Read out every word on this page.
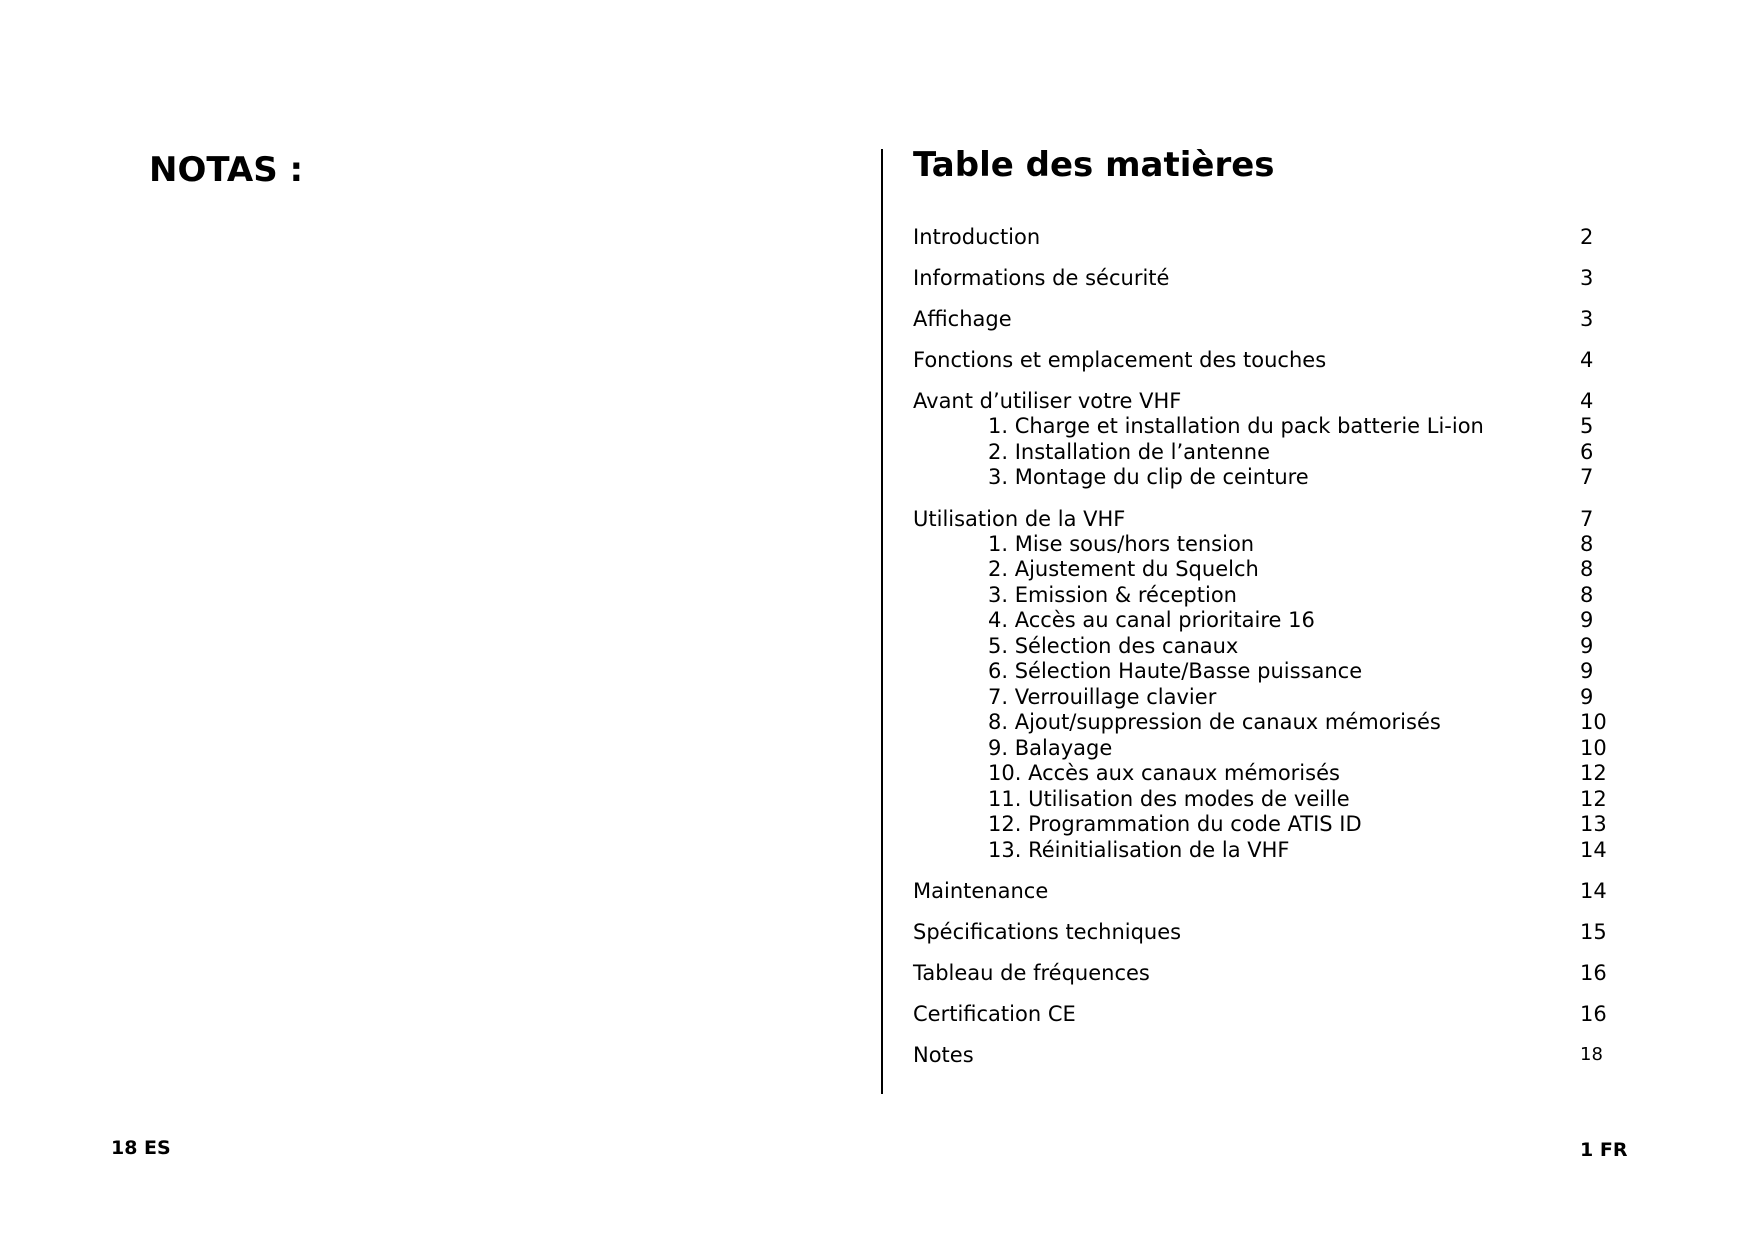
NOTAS :	Table des matières
Introduction	2
Informations de sécurité	3
Affichage	3
Fonctions et emplacement des touches	4
Avant d’utiliser votre VHF	4
1. Charge et installation du pack batterie Li-ion	5
2. Installation de l’antenne	6
3. Montage du clip de ceinture	7
Utilisation de la VHF	7
1. Mise sous/hors tension	8
2. Ajustement du Squelch	8
3. Emission & réception	8
4. Accès au canal prioritaire 16	9
5. Sélection des canaux	9
6. Sélection Haute/Basse puissance	9
7. Verrouillage clavier	9
8. Ajout/suppression de canaux mémorisés	10
9. Balayage	10
10. Accès aux canaux mémorisés	12
11. Utilisation des modes de veille	12
12. Programmation du code ATIS ID	13
13. Réinitialisation de la VHF	14
Maintenance	14
Spécifications techniques	15
Tableau de fréquences	16
Certification CE	16
Notes	18
18 ES	1 FR
